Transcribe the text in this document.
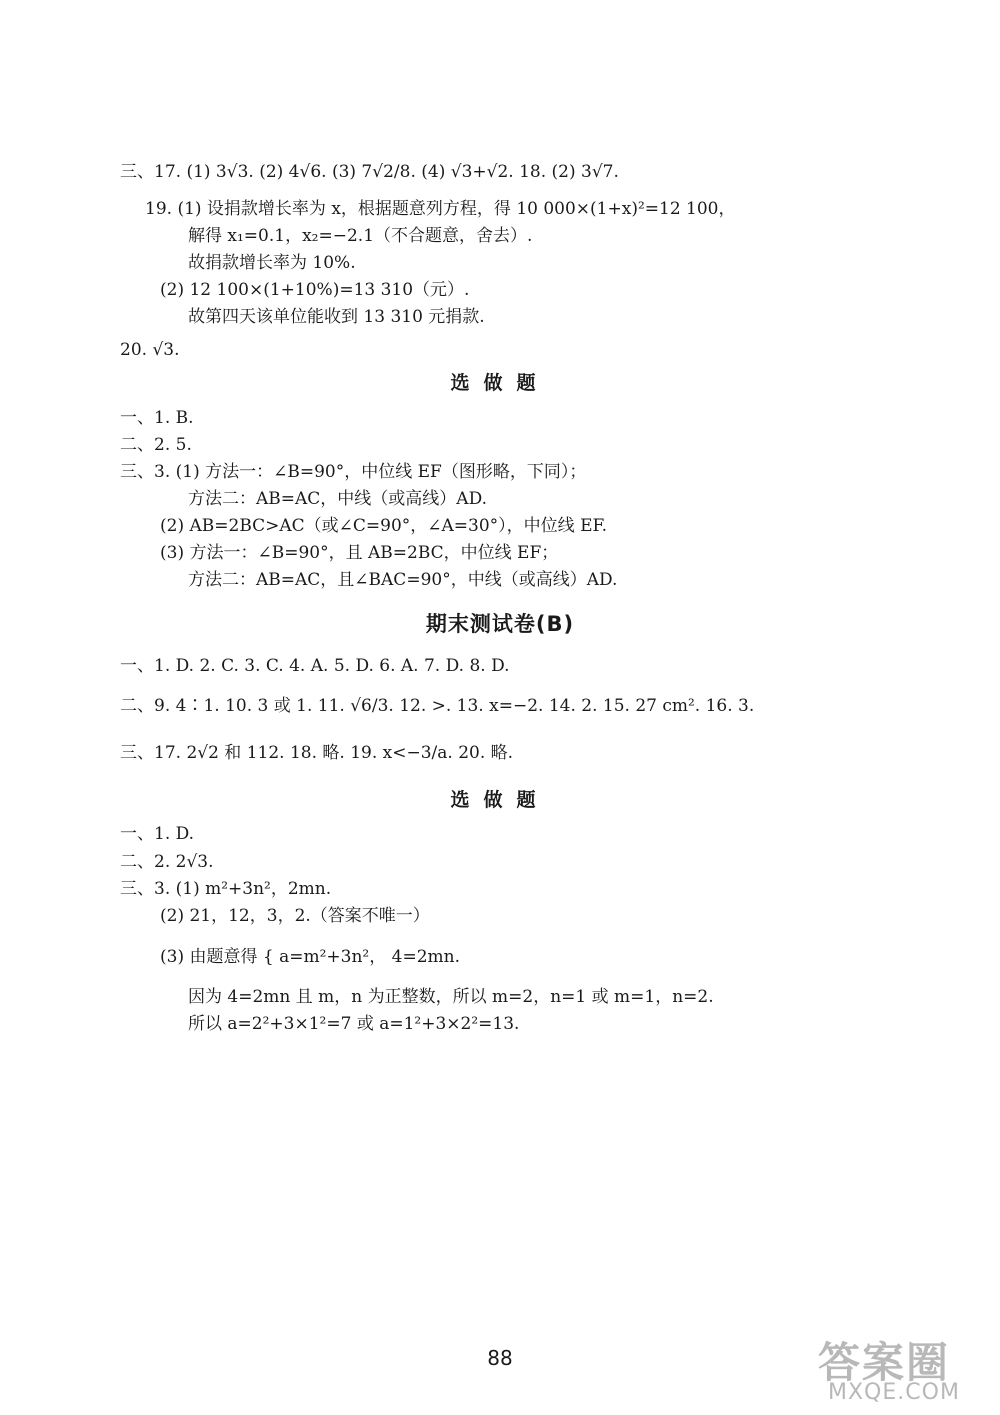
三、17. (1) 3√3. (2) 4√6. (3) 7√2/8. (4) √3+√2. 18. (2) 3√7.
19. (1) 设捐款增长率为 x，根据题意列方程，得 10 000×(1+x)²=12 100，
解得 x₁=0.1，x₂=−2.1（不合题意，舍去）.
故捐款增长率为 10%.
(2) 12 100×(1+10%)=13 310（元）.
故第四天该单位能收到 13 310 元捐款.
20. √3.
选做题
一、1. B.
二、2. 5.
三、3. (1) 方法一：∠B=90°，中位线 EF（图形略，下同）；
方法二：AB=AC，中线（或高线）AD.
(2) AB=2BC>AC（或∠C=90°，∠A=30°），中位线 EF.
(3) 方法一：∠B=90°，且 AB=2BC，中位线 EF；
方法二：AB=AC，且∠BAC=90°，中线（或高线）AD.
期末测试卷(B)
一、1. D. 2. C. 3. C. 4. A. 5. D. 6. A. 7. D. 8. D.
二、9. 4∶1. 10. 3 或 1. 11. √6/3. 12. >. 13. x=−2. 14. 2. 15. 27 cm². 16. 3.
三、17. 2√2 和 112. 18. 略. 19. x<−3/a. 20. 略.
选做题
一、1. D.
二、2. 2√3.
三、3. (1) m²+3n²，2mn.
(2) 21，12，3，2.（答案不唯一）
(3) 由题意得 { a=m²+3n²， 4=2mn.
因为 4=2mn 且 m，n 为正整数，所以 m=2，n=1 或 m=1，n=2.
所以 a=2²+3×1²=7 或 a=1²+3×2²=13.
88	答案圈
MXQE.COM
